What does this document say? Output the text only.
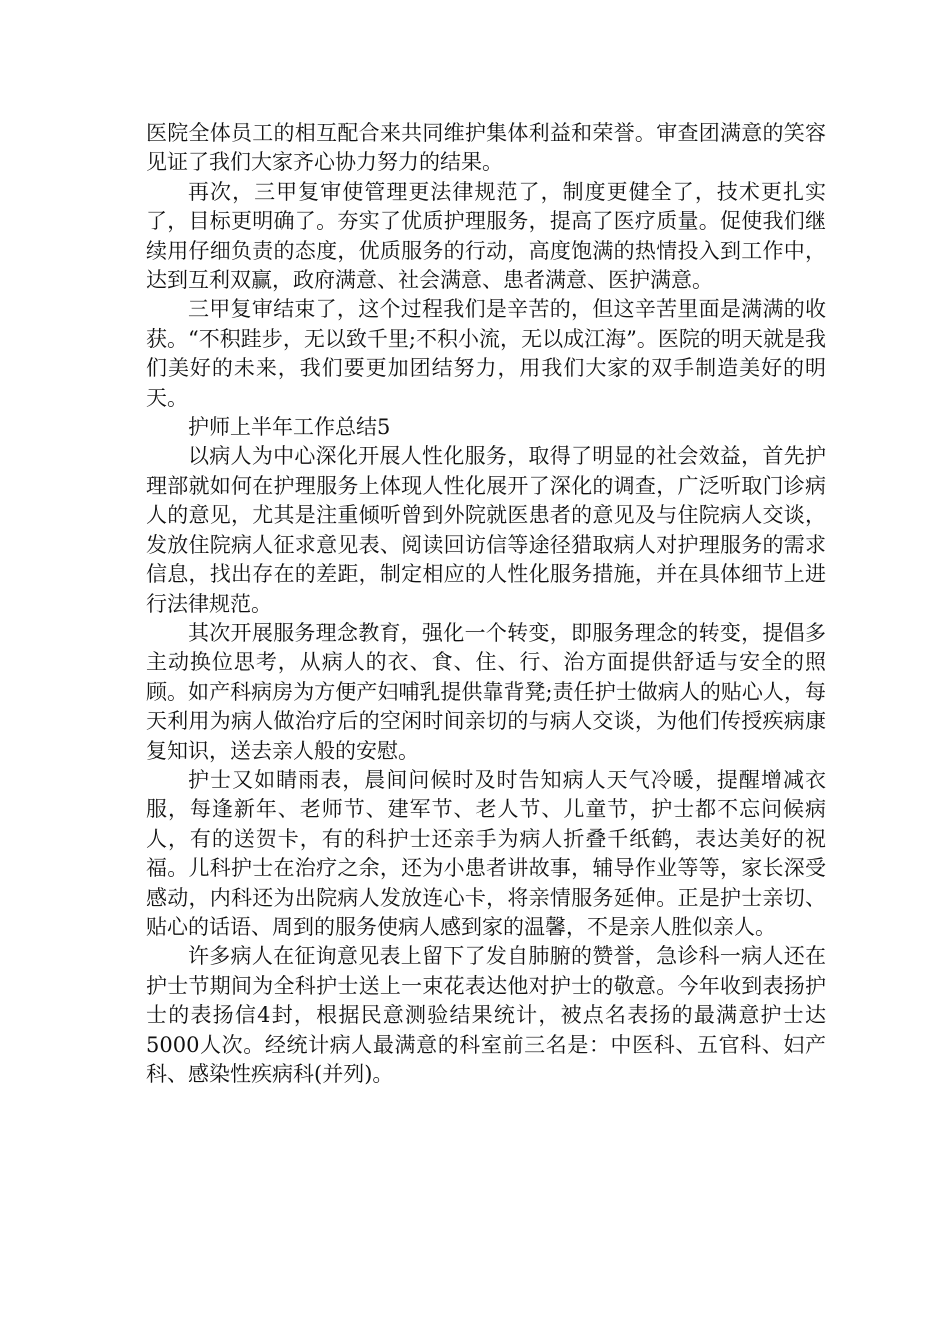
医院全体员工的相互配合来共同维护集体利益和荣誉。审查团满意的笑容见证了我们大家齐心协力努力的结果。

再次，三甲复审使管理更法律规范了，制度更健全了，技术更扎实了，目标更明确了。夯实了优质护理服务，提高了医疗质量。促使我们继续用仔细负责的态度，优质服务的行动，高度饱满的热情投入到工作中，达到互利双赢，政府满意、社会满意、患者满意、医护满意。

三甲复审结束了，这个过程我们是辛苦的，但这辛苦里面是满满的收获。“不积跬步，无以致千里;不积小流，无以成江海”。医院的明天就是我们美好的未来，我们要更加团结努力，用我们大家的双手制造美好的明天。

护师上半年工作总结5

以病人为中心深化开展人性化服务，取得了明显的社会效益，首先护理部就如何在护理服务上体现人性化展开了深化的调查，广泛听取门诊病人的意见，尤其是注重倾听曾到外院就医患者的意见及与住院病人交谈，发放住院病人征求意见表、阅读回访信等途径猎取病人对护理服务的需求信息，找出存在的差距，制定相应的人性化服务措施，并在具体细节上进行法律规范。

其次开展服务理念教育，强化一个转变，即服务理念的转变，提倡多主动换位思考，从病人的衣、食、住、行、治方面提供舒适与安全的照顾。如产科病房为方便产妇哺乳提供靠背凳;责任护士做病人的贴心人，每天利用为病人做治疗后的空闲时间亲切的与病人交谈，为他们传授疾病康复知识，送去亲人般的安慰。

护士又如睛雨表，晨间问候时及时告知病人天气冷暖，提醒增减衣服，每逢新年、老师节、建军节、老人节、儿童节，护士都不忘问候病人，有的送贺卡，有的科护士还亲手为病人折叠千纸鹤，表达美好的祝福。儿科护士在治疗之余，还为小患者讲故事，辅导作业等等，家长深受感动，内科还为出院病人发放连心卡，将亲情服务延伸。正是护士亲切、贴心的话语、周到的服务使病人感到家的温馨，不是亲人胜似亲人。

许多病人在征询意见表上留下了发自肺腑的赞誉，急诊科一病人还在护士节期间为全科护士送上一束花表达他对护士的敬意。今年收到表扬护士的表扬信4封，根据民意测验结果统计，被点名表扬的最满意护士达5000人次。经统计病人最满意的科室前三名是：中医科、五官科、妇产科、感染性疾病科(并列)。
